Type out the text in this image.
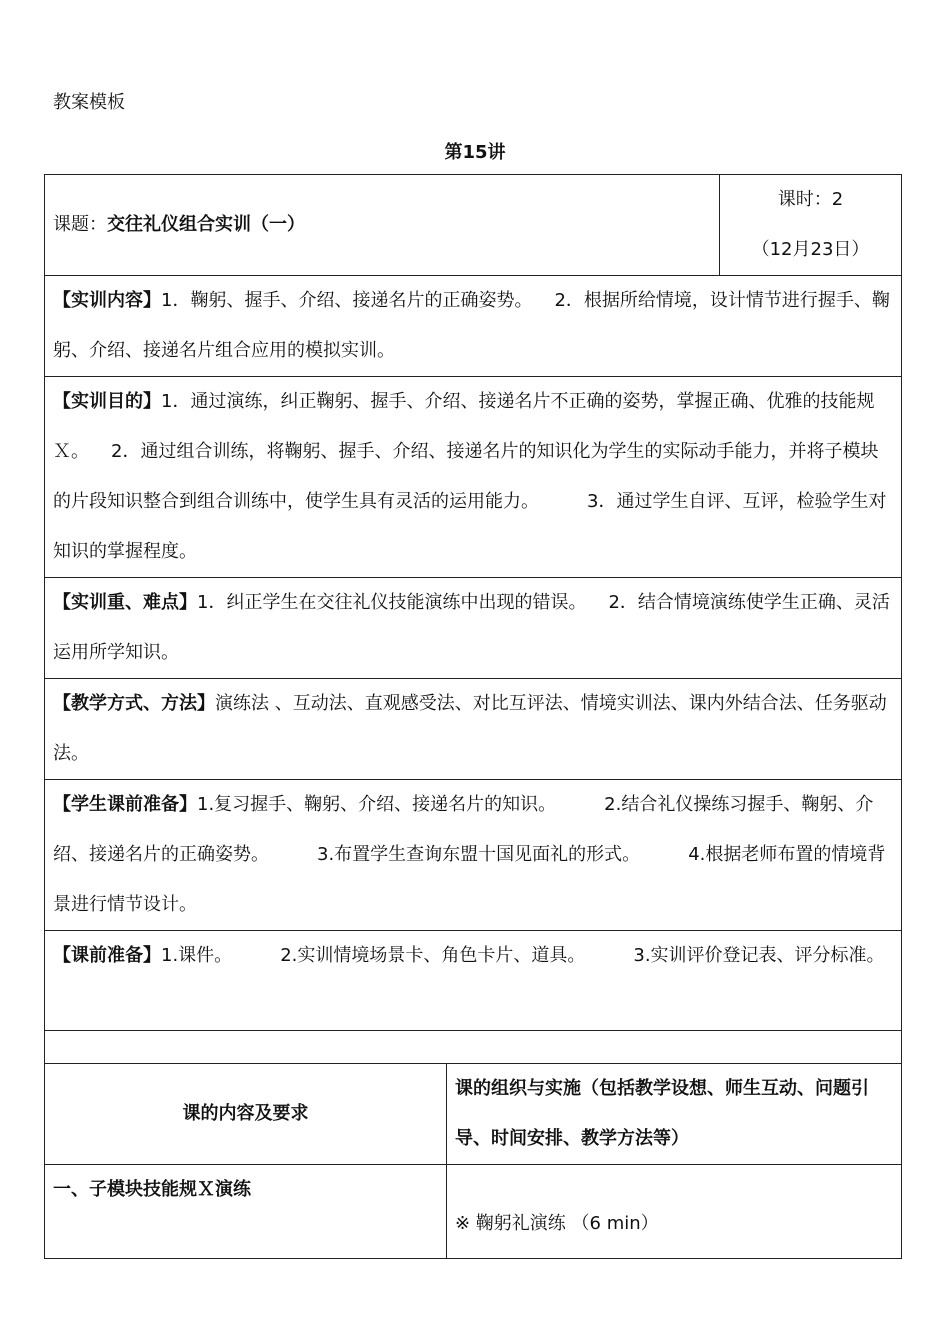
教案模板
第15讲
课题：交往礼仪组合实训（一）		课时：2
（12月23日）

【实训内容】1．鞠躬、握手、介绍、接递名片的正确姿势。 2．根据所给情境，设计情节进行握手、鞠躬、介绍、接递名片组合应用的模拟实训。		
【实训目的】1．通过演练，纠正鞠躬、握手、介绍、接递名片不正确的姿势，掌握正确、优雅的技能规Ｘ。 2．通过组合训练，将鞠躬、握手、介绍、接递名片的知识化为学生的实际动手能力，并将子模块的片段知识整合到组合训练中，使学生具有灵活的运用能力。 3．通过学生自评、互评，检验学生对知识的掌握程度。		
【实训重、难点】1．纠正学生在交往礼仪技能演练中出现的错误。 2．结合情境演练使学生正确、灵活运用所学知识。		
【教学方式、方法】演练法 、互动法、直观感受法、对比互评法、情境实训法、课内外结合法、任务驱动法。		
【学生课前准备】1.复习握手、鞠躬、介绍、接递名片的知识。 2.结合礼仪操练习握手、鞠躬、介绍、接递名片的正确姿势。 3.布置学生查询东盟十国见面礼的形式。 4.根据老师布置的情境背景进行情节设计。		
【课前准备】1.课件。 2.实训情境场景卡、角色卡片、道具。 3.实训评价登记表、评分标准。		

课的内容及要求	课的组织与实施（包括教学设想、师生互动、问题引导、时间安排、教学方法等）	
一、子模块技能规Ｘ演练	※ 鞠躬礼演练 （6 min）	
